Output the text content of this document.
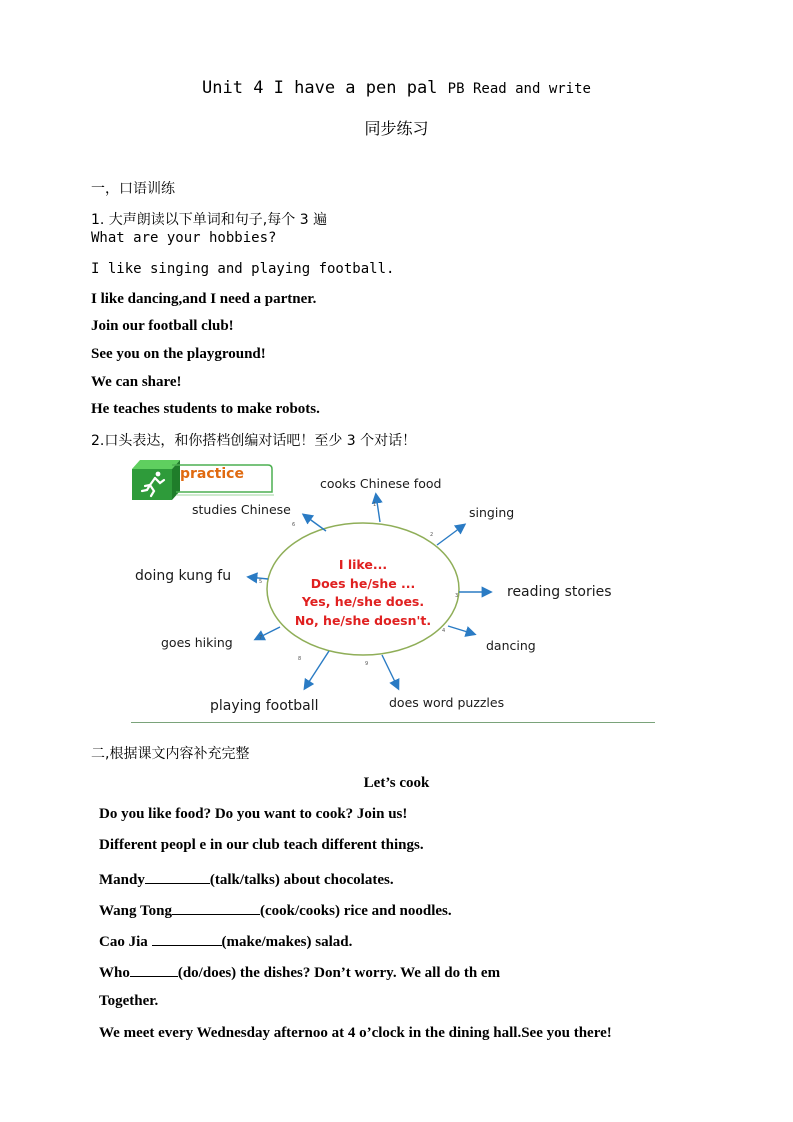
Unit 4 I have a pen pal PB Read and write
同步练习
一，口语训练
1. 大声朗读以下单词和句子,每个 3 遍
What are your hobbies?
I like singing and playing football.
I like dancing,and I need a partner.
Join our football club!
See you on the playground!
We can share!
He teaches students to make robots.
2.口头表达，和你搭档创编对话吧！至少 3 个对话！
1
6
2
5
3
7
4
8
9
practice
I like...
Does he/she ...
Yes, he/she does.
No, he/she doesn't.
cooks Chinese food
studies Chinese	singing
doing kung fu
reading stories
goes hiking	dancing
playing football	does word puzzles
二,根据课文内容补充完整
Let’s cook
Do you like food? Do you want to cook? Join us!
Different peopl e in our club teach different things.
Mandy	(talk/talks) about chocolates.
Wang Tong	(cook/cooks) rice and noodles.
Cao Jia	(make/makes) salad.
Who	(do/does) the dishes? Don’t worry. We all do th em
Together.
We meet every Wednesday afternoo at 4 o’clock in the dining hall.See you there!
